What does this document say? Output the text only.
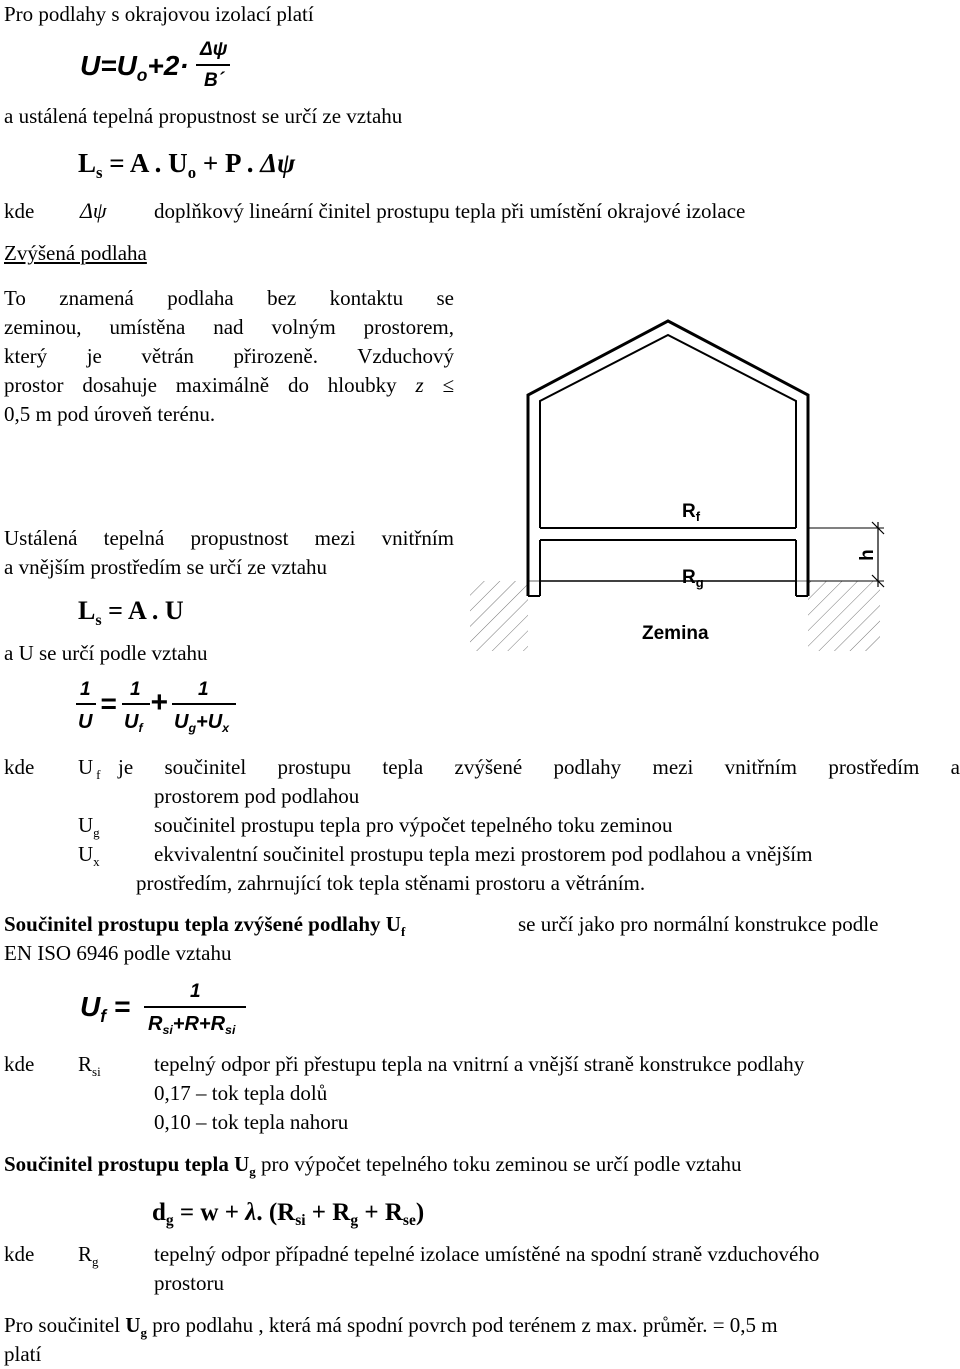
Pro podlahy s okrajovou izolací platí
$U=U_o+2\cdot$
Δψ
B´
a ustálená tepelná propustnost se určí ze vztahu
$L_s = A$ . $U_o + P$ . Δψ
kde Δψ doplňkový lineární činitel prostupu tepla při umístění okrajové izolace
Zvýšená podlaha
To znamená podlaha bez kontaktu se
zeminou, umístěna nad volným prostorem,
který je větrán přirozeně. Vzduchový
prostor dosahuje maximálně do hloubky z ≤
0,5 m pod úroveň terénu.
Ustálená tepelná propustnost mezi vnitřním
a vnějším prostředím se určí ze vztahu
$L_s = A$ . U
a U se určí podle vztahu
1
U
= 1
$U_f$
+ 1
$U_g+U_x$
kde U $_f$ je součinitel prostupu tepla zvýšené podlahy mezi vnitřním prostředím a
prostorem pod podlahou
$U_g$	součinitel prostupu tepla pro výpočet tepelného toku zeminou
$U_x$	ekvivalentní součinitel prostupu tepla mezi prostorem pod podlahou a vnějším
prostředím, zahrnující tok tepla stěnami prostoru a větráním.
Součinitel prostupu tepla zvýšené podlahy $U_f$	se určí jako pro normální konstrukce podle
EN ISO 6946 podle vztahu
$U_f$ =	1
$R_{si}+R+R_{si}$
kde $R_{si}$	tepelný odpor při přestupu tepla na vnitrní a vnější straně konstrukce podlahy
0,17 – tok tepla dolů
0,10 – tok tepla nahoru
Součinitel prostupu tepla $U_g$ pro výpočet tepelného toku zeminou se určí podle vztahu
$d_g = w + \lambda$. $(R_{si} + R_g + R_{se})$
kde $R_g$	tepelný odpor případné tepelné izolace umístěné na spodní straně vzduchového
prostoru
Pro součinitel $U_g$ pro podlahu , která má spodní povrch pod terénem z max. průměr. = 0,5 m
platí
h
$R_f$
$R_g$
Zemina
